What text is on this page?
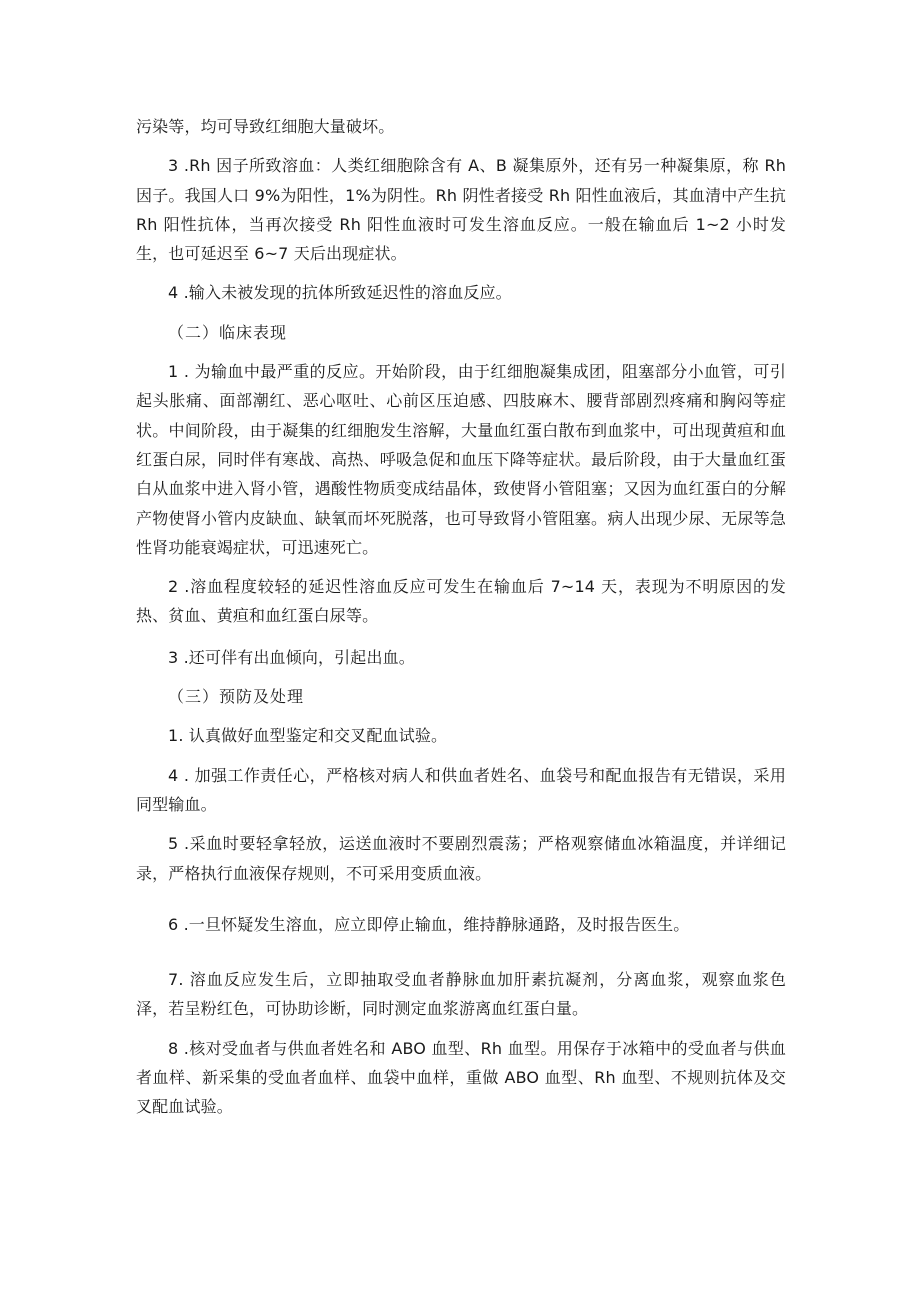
污染等，均可导致红细胞大量破坏。

3 .Rh 因子所致溶血：人类红细胞除含有 A、B 凝集原外，还有另一种凝集原，称 Rh 因子。我国人口 9%为阳性，1%为阴性。Rh 阴性者接受 Rh 阳性血液后，其血清中产生抗 Rh 阳性抗体，当再次接受 Rh 阳性血液时可发生溶血反应。一般在输血后 1~2 小时发生，也可延迟至 6~7 天后出现症状。

4 .输入未被发现的抗体所致延迟性的溶血反应。

（二）临床表现

1 . 为输血中最严重的反应。开始阶段，由于红细胞凝集成团，阻塞部分小血管，可引起头胀痛、面部潮红、恶心呕吐、心前区压迫感、四肢麻木、腰背部剧烈疼痛和胸闷等症状。中间阶段，由于凝集的红细胞发生溶解，大量血红蛋白散布到血浆中，可出现黄疸和血红蛋白尿，同时伴有寒战、高热、呼吸急促和血压下降等症状。最后阶段，由于大量血红蛋白从血浆中进入肾小管，遇酸性物质变成结晶体，致使肾小管阻塞；又因为血红蛋白的分解产物使肾小管内皮缺血、缺氧而坏死脱落，也可导致肾小管阻塞。病人出现少尿、无尿等急性肾功能衰竭症状，可迅速死亡。

2 .溶血程度较轻的延迟性溶血反应可发生在输血后 7~14 天，表现为不明原因的发热、贫血、黄疸和血红蛋白尿等。

3 .还可伴有出血倾向，引起出血。

（三）预防及处理

1. 认真做好血型鉴定和交叉配血试验。

4 . 加强工作责任心，严格核对病人和供血者姓名、血袋号和配血报告有无错误，采用同型输血。

5 .采血时要轻拿轻放，运送血液时不要剧烈震荡；严格观察储血冰箱温度，并详细记录，严格执行血液保存规则，不可采用变质血液。

6 .一旦怀疑发生溶血，应立即停止输血，维持静脉通路，及时报告医生。

7. 溶血反应发生后，立即抽取受血者静脉血加肝素抗凝剂，分离血浆，观察血浆色泽，若呈粉红色，可协助诊断，同时测定血浆游离血红蛋白量。

8 .核对受血者与供血者姓名和 ABO 血型、Rh 血型。用保存于冰箱中的受血者与供血者血样、新采集的受血者血样、血袋中血样，重做 ABO 血型、Rh 血型、不规则抗体及交叉配血试验。
